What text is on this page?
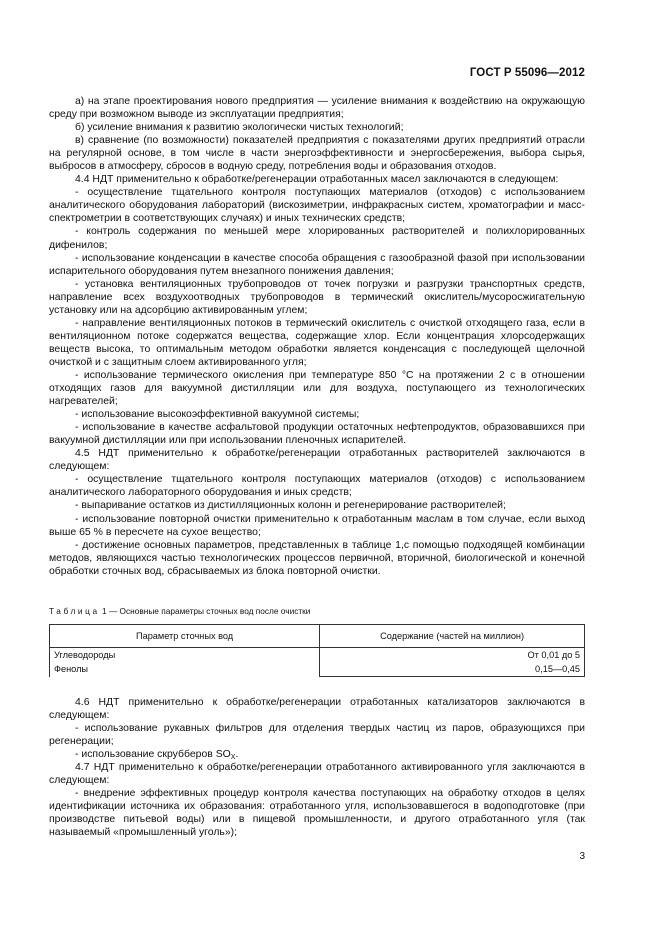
ГОСТ Р 55096—2012

а) на этапе проектирования нового предприятия — усиление внимания к воздействию на окружающую среду при возможном выводе из эксплуатации предприятия;

б) усиление внимания к развитию экологически чистых технологий;

в) сравнение (по возможности) показателей предприятия с показателями других предприятий отрасли на регулярной основе, в том числе в части энергоэффективности и энергосбережения, выбора сырья, выбросов в атмосферу, сбросов в водную среду, потребления воды и образования отходов.

4.4 НДТ применительно к обработке/регенерации отработанных масел заключаются в следующем:

- осуществление тщательного контроля поступающих материалов (отходов) с использованием аналитического оборудования лабораторий (вискозиметрии, инфракрасных систем, хроматографии и масс-спектрометрии в соответствующих случаях) и иных технических средств;

- контроль содержания по меньшей мере хлорированных растворителей и полихлорированных дифенилов;

- использование конденсации в качестве способа обращения с газообразной фазой при использовании испарительного оборудования путем внезапного понижения давления;

- установка вентиляционных трубопроводов от точек погрузки и разгрузки транспортных средств, направление всех воздухоотводных трубопроводов в термический окислитель/мусоросжигательную установку или на адсорбцию активированным углем;

- направление вентиляционных потоков в термический окислитель с очисткой отходящего газа, если в вентиляционном потоке содержатся вещества, содержащие хлор. Если концентрация хлорсодержащих веществ высока, то оптимальным методом обработки является конденсация с последующей щелочной очисткой и с защитным слоем активированного угля;

- использование термического окисления при температуре 850 °С на протяжении 2 с в отношении отходящих газов для вакуумной дистилляции или для воздуха, поступающего из технологических нагревателей;

- использование высокоэффективной вакуумной системы;

- использование в качестве асфальтовой продукции остаточных нефтепродуктов, образовавшихся при вакуумной дистилляции или при использовании пленочных испарителей.

4.5 НДТ применительно к обработке/регенерации отработанных растворителей заключаются в следующем:

- осуществление тщательного контроля поступающих материалов (отходов) с использованием аналитического лабораторного оборудования и иных средств;

- выпаривание остатков из дистилляционных колонн и регенерирование растворителей;

- использование повторной очистки применительно к отработанным маслам в том случае, если выход выше 65 % в пересчете на сухое вещество;

- достижение основных параметров, представленных в таблице 1,с помощью подходящей комбинации методов, являющихся частью технологических процессов первичной, вторичной, биологической и конечной обработки сточных вод, сбрасываемых из блока повторной очистки.

Таблица 1 — Основные параметры сточных вод после очистки
Параметр сточных вод	Содержание (частей на миллион)
Углеводороды	От 0,01 до 5
Фенолы	0,15—0,45

4.6 НДТ применительно к обработке/регенерации отработанных катализаторов заключаются в следующем:

- использование рукавных фильтров для отделения твердых частиц из паров, образующихся при регенерации;

- использование скрубберов $SO_X$.

4.7 НДТ применительно к обработке/регенерации отработанного активированного угля заключаются в следующем:

- внедрение эффективных процедур контроля качества поступающих на обработку отходов в целях идентификации источника их образования: отработанного угля, использовавшегося в водоподготовке (при производстве питьевой воды) или в пищевой промышленности, и другого отработанного угля (так называемый «промышленный уголь»);

3
